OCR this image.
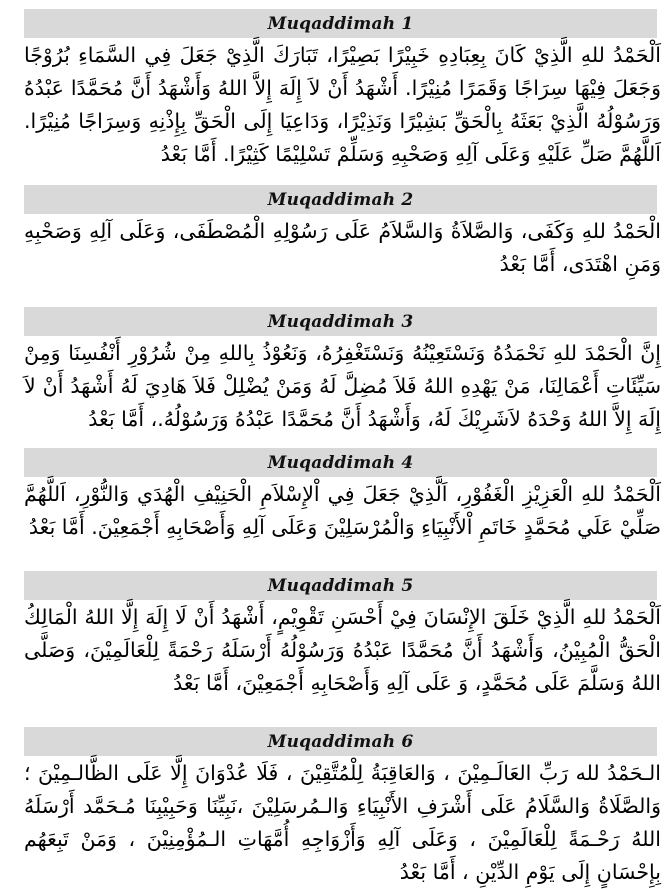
Muqaddimah 1

اَلْحَمْدُ للهِ الَّذِيْ كَانَ بِعِبَادِهِ خَبِيْرًا بَصِيْرًا، تَبَارَكَ الَّذِيْ جَعَلَ فِي السَّمَاءِ بُرُوْجًا وَجَعَلَ فِيْهَا سِرَاجًا وَقَمَرًا مُنِيْرًا. أَشْهَدُ أَنْ لاَ إِلَهَ إِلاَّ اللهُ وَأَشْهَدُ أَنَّ مُحَمَّدًا عَبْدُهُ وَرَسُوْلُهُ الَّذِيْ بَعَثَهُ بِالْحَقِّ بَشِيْرًا وَنَذِيْرًا، وَدَاعِيَا إِلَى الْحَقِّ بِإِذْنِهِ وَسِرَاجًا مُنِيْرًا. اَللَّهُمَّ صَلِّ عَلَيْهِ وَعَلَى آلِهِ وَصَحْبِهِ وَسَلِّمْ تَسْلِيْمًا كَثِيْرًا. أَمَّا بَعْدُ

Muqaddimah 2

الْحَمْدُ للهِ وَكَفَى، وَالصَّلاَةُ وَالسَّلاَمُ عَلَى رَسُوْلِهِ الْمُصْطَفَى، وَعَلَى آلِهِ وَصَحْبِهِ وَمَنِ اهْتَدَى، أَمَّا بَعْدُ

Muqaddimah 3

إِنَّ الْحَمْدَ للهِ نَحْمَدُهُ وَنَسْتَعِيْنُهُ وَنَسْتَغْفِرُهُ، وَنَعُوْذُ بِاللهِ مِنْ شُرُوْرِ أَنْفُسِنَا وَمِنْ سَيِّئَاتِ أَعْمَالِنَا، مَنْ يَهْدِهِ اللهُ فَلاَ مُضِلَّ لَهُ وَمَنْ يُضْلِلْ فَلاَ هَادِيَ لَهُ أَشْهَدُ أَنْ لاَ إِلَهَ إِلاَّ اللهُ وَحْدَهُ لاَشَرِيْكَ لَهُ، وَأَشْهَدُ أَنَّ مُحَمَّدًا عَبْدُهُ وَرَسُوْلُهُ.، أَمَّا بَعْدُ

Muqaddimah 4

اَلْحَمْدُ للهِ الْعَزِيْزِ الْغَفُوْرِ، اَلَّذِيْ جَعَلَ فِي اْلإِسْلاَمِ الْحَنِيْفِ الْهُدَي وَالنُّوْرِ، اَللَّهُمَّ صَلِّيْ عَلَي مُحَمَّدٍ خَاتَمِ اْلأَنْبِيَاءِ وَالْمُرْسَلِيْنَ وَعَلَى آلِهِ وَأَصْحَابِهِ أَجْمَعِيْنَ. أَمَّا بَعْدُ

Muqaddimah 5

اَلْحَمْدُ للهِ الَّذِيْ خَلَقَ الإِنْسَانَ فِيْ أَحْسَنِ تَقْوِيْمٍ، أَشْهَدُ أَنْ لَا إِلَهَ إِلَّا اللهُ الْمَالِكُ الْحَقُّ الْمُبِيْنُ، وَأَشْهَدُ أَنَّ مُحَمَّدًا عَبْدُهُ وَرَسُوْلُهُ أَرْسَلَهُ رَحْمَةً لِلْعَالَمِيْنَ، وَصَلَّى اللهُ وَسَلَّمَ عَلَى مُحَمَّدٍ، وَ عَلَى آلِهِ وَأَصْحَابِهِ أَجْمَعِيْنَ، أَمَّا بَعْدُ

Muqaddimah 6

الـحَمْدُ لله رَبِّ العَالَـمِيْنَ ، وَالعَاقِبَةُ لِلْمُتَّقِيْنَ ، فَلَا عُدْوَانَ إِلَّا عَلَى الظَّالـمِيْنَ ؛ وَالصَّلَاةُ وَالسَّلَامُ عَلَى أَشْرَفِ الأَنْبِيَاءِ وَالـمُرسَلِيْنَ ،نَبِيِّنَا وَحَبِيْبِنَا مُـحَمَّد أَرْسَلَهُ اللهُ رَحْـمَةً لِلْعَالَمِيْنَ ، وَعَلَى آلِهِ وَأَزْوَاجِهِ أُمَّهَاتِ الـمُؤْمِنِيْنَ ، وَمَنْ تَبِعَهُم بِإِحْسَانٍ إِلَى يَوْمِ الدِّيْنِ ، أَمَّا بَعْدُ
